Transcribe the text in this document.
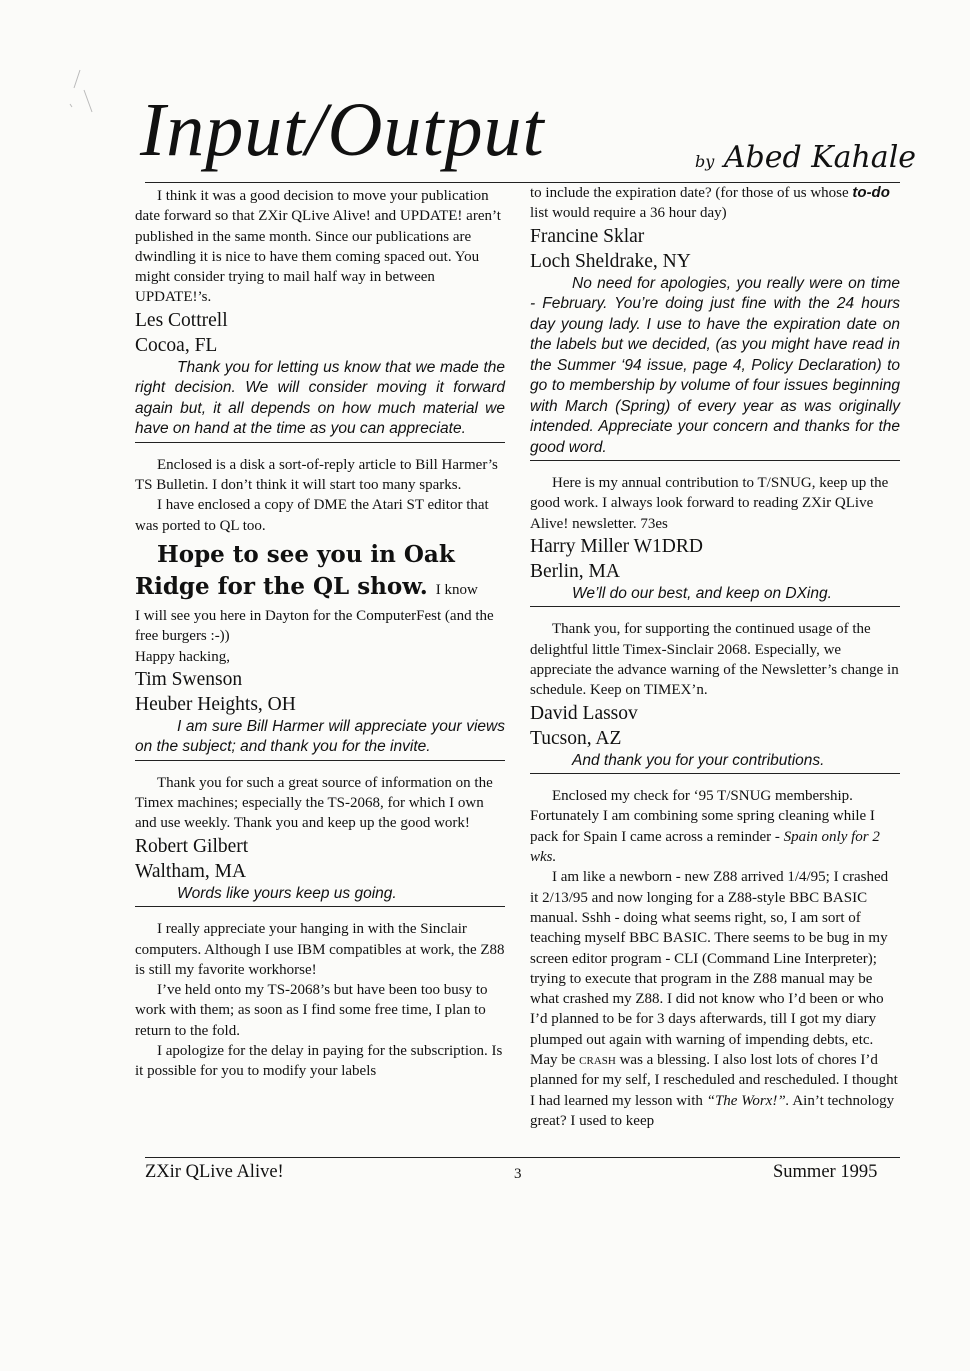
Input/Output	by Abed Kahale

I think it was a good decision to move your publication date forward so that ZXir QLive Alive! and UPDATE! aren’t published in the same month. Since our publications are dwindling it is nice to have them coming spaced out. You might consider trying to mail half way in between UPDATE!’s.

Les Cottrell
Cocoa, FL

Thank you for letting us know that we made the right decision. We will consider moving it forward again but, it all depends on how much material we have on hand at the time as you can appreciate.

Enclosed is a disk a sort-of-reply article to Bill Harmer’s TS Bulletin. I don’t think it will start too many sparks.

I have enclosed a copy of DME the Atari ST editor that was ported to QL too.

Hope to see you in Oak Ridge for the QL show. I know

I will see you here in Dayton for the ComputerFest (and the free burgers :-))

Happy hacking,

Tim Swenson
Heuber Heights, OH

I am sure Bill Harmer will appreciate your views on the subject; and thank you for the invite.

Thank you for such a great source of information on the Timex machines; especially the TS-2068, for which I own and use weekly. Thank you and keep up the good work!

Robert Gilbert
Waltham, MA

Words like yours keep us going.

I really appreciate your hanging in with the Sinclair computers. Although I use IBM compatibles at work, the Z88 is still my favorite workhorse!

I’ve held onto my TS-2068’s but have been too busy to work with them; as soon as I find some free time, I plan to return to the fold.

I apologize for the delay in paying for the subscription. Is it possible for you to modify your labels

to include the expiration date? (for those of us whose to-do list would require a 36 hour day)

Francine Sklar
Loch Sheldrake, NY

No need for apologies, you really were on time - February. You’re doing just fine with the 24 hours day young lady. I use to have the expiration date on the labels but we decided, (as you might have read in the Summer ‘94 issue, page 4, Policy Declaration) to go to membership by volume of four issues beginning with March (Spring) of every year as was originally intended. Appreciate your concern and thanks for the good word.

Here is my annual contribution to T/SNUG, keep up the good work. I always look forward to reading ZXir QLive Alive! newsletter. 73es

Harry Miller W1DRD
Berlin, MA

We’ll do our best, and keep on DXing.

Thank you, for supporting the continued usage of the delightful little Timex-Sinclair 2068. Especially, we appreciate the advance warning of the Newsletter’s change in schedule. Keep on TIMEX’n.

David Lassov
Tucson, AZ

And thank you for your contributions.

Enclosed my check for ‘95 T/SNUG membership. Fortunately I am combining some spring cleaning while I pack for Spain I came across a reminder - Spain only for 2 wks.

I am like a newborn - new Z88 arrived 1/4/95; I crashed it 2/13/95 and now longing for a Z88-style BBC BASIC manual. Sshh - doing what seems right, so, I am sort of teaching myself BBC BASIC. There seems to be bug in my screen editor program - CLI (Command Line Interpreter); trying to execute that program in the Z88 manual may be what crashed my Z88. I did not know who I’d been or who I’d planned to be for 3 days afterwards, till I got my diary plumped out again with warning of impending debts, etc. May be crash was a blessing. I also lost lots of chores I’d planned for my self, I rescheduled and rescheduled. I thought I had learned my lesson with “The Worx!”. Ain’t technology great? I used to keep

ZXir QLive Alive!	3	Summer 1995
